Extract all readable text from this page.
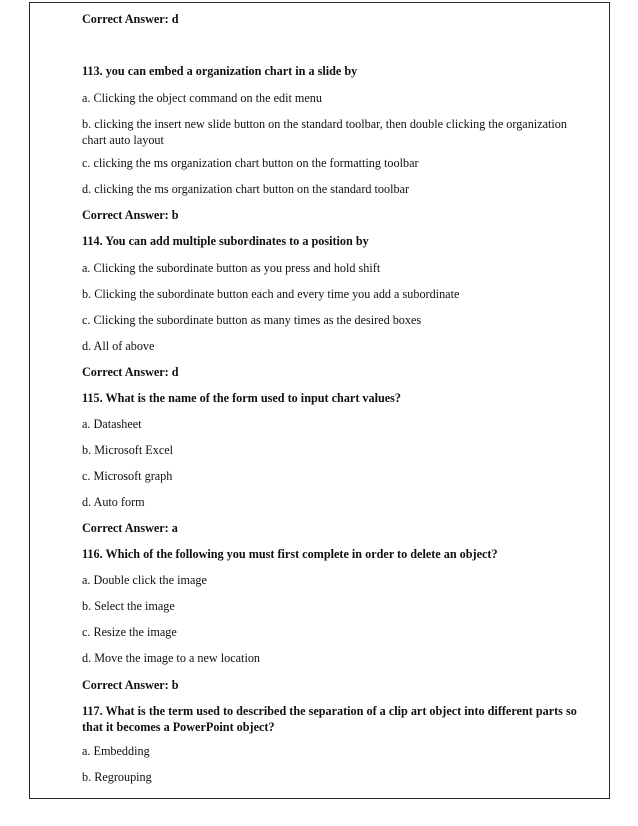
Correct Answer: d
113. you can embed a organization chart in a slide by
a. Clicking the object command on the edit menu
b. clicking the insert new slide button on the standard toolbar, then double clicking the organization chart auto layout
c. clicking the ms organization chart button on the formatting toolbar
d. clicking the ms organization chart button on the standard toolbar
Correct Answer: b
114. You can add multiple subordinates to a position by
a. Clicking the subordinate button as you press and hold shift
b. Clicking the subordinate button each and every time you add a subordinate
c. Clicking the subordinate button as many times as the desired boxes
d. All of above
Correct Answer: d
115. What is the name of the form used to input chart values?
a. Datasheet
b. Microsoft Excel
c. Microsoft graph
d. Auto form
Correct Answer: a
116. Which of the following you must first complete in order to delete an object?
a. Double click the image
b. Select the image
c. Resize the image
d. Move the image to a new location
Correct Answer: b
117. What is the term used to described the separation of a clip art object into different parts so that it becomes a PowerPoint object?
a. Embedding
b. Regrouping
